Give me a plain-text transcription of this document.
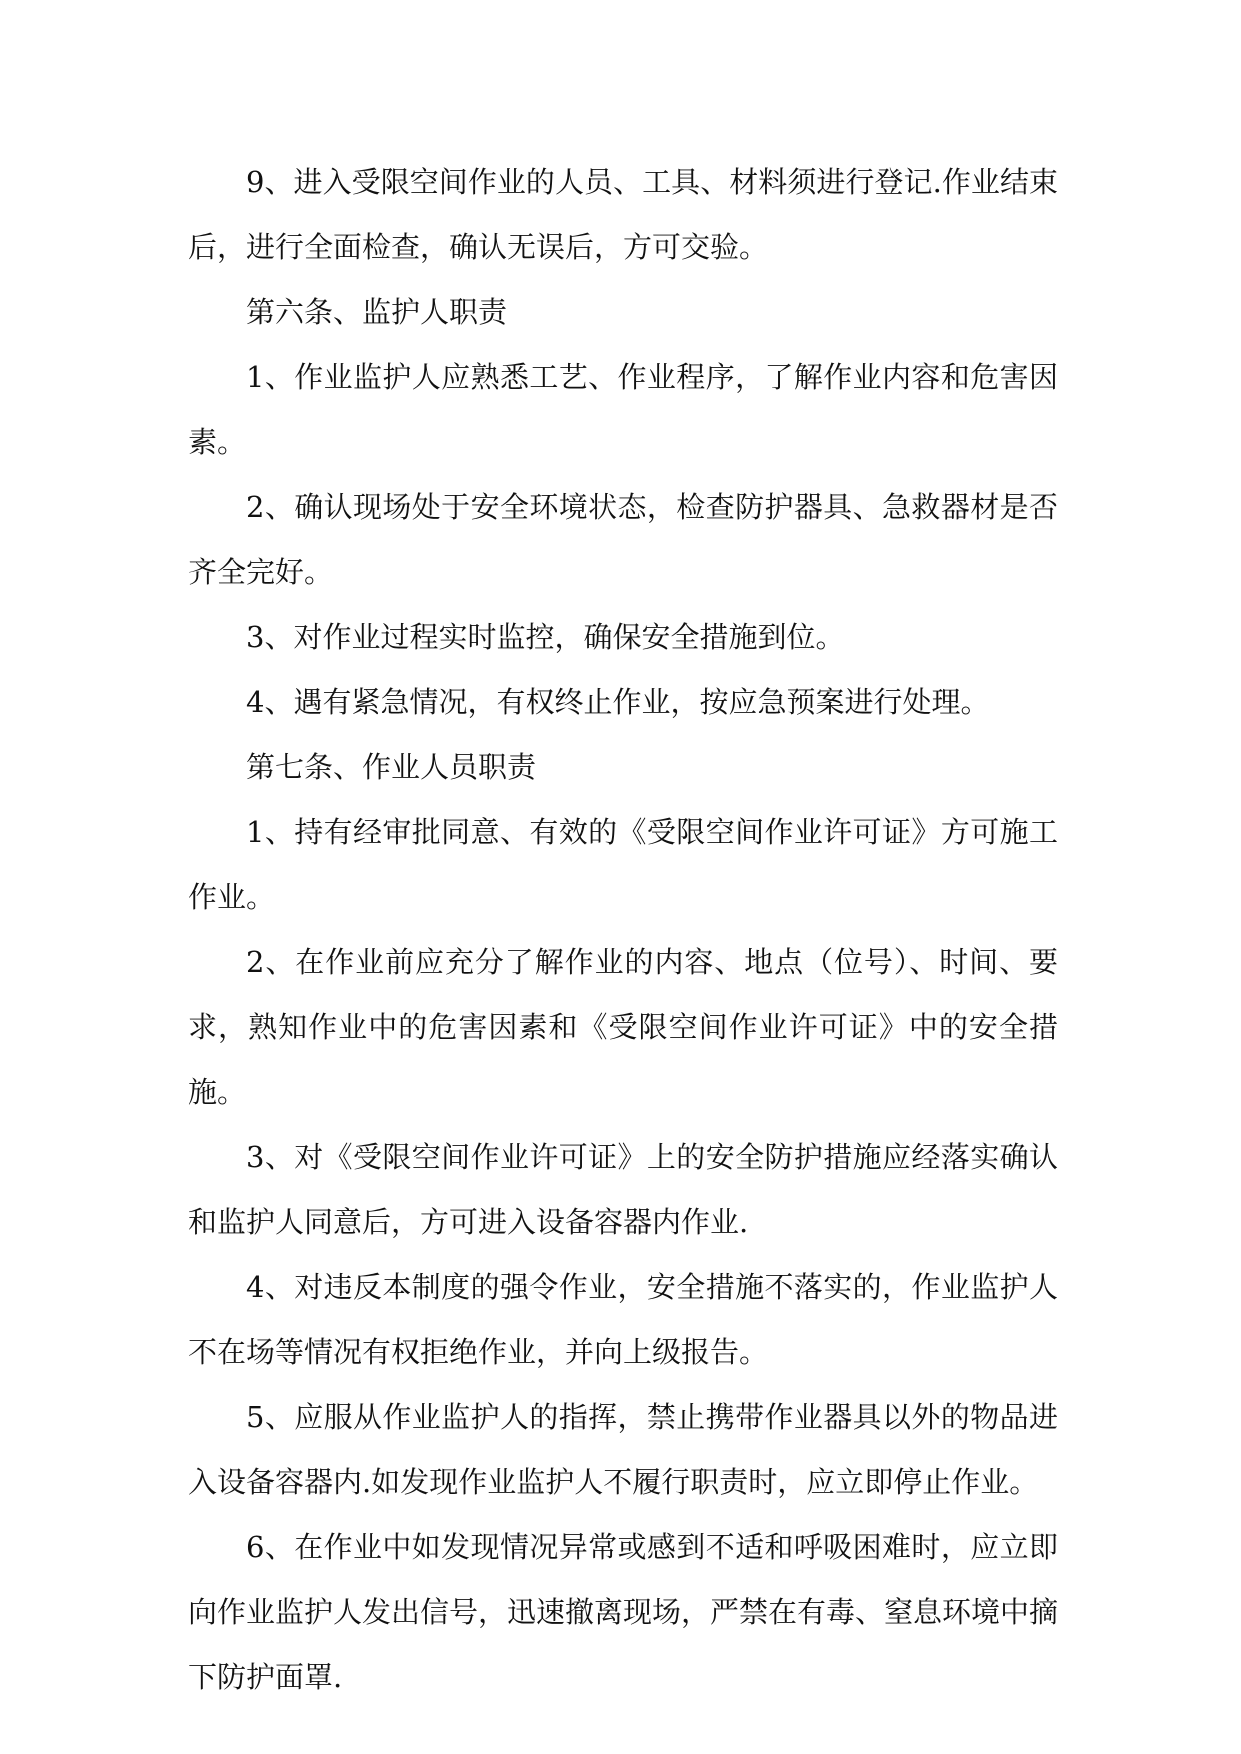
9、进入受限空间作业的人员、工具、材料须进行登记.作业结束后，进行全面检查，确认无误后，方可交验。

第六条、监护人职责

1、作业监护人应熟悉工艺、作业程序，了解作业内容和危害因素。

2、确认现场处于安全环境状态，检查防护器具、急救器材是否齐全完好。

3、对作业过程实时监控，确保安全措施到位。

4、遇有紧急情况，有权终止作业，按应急预案进行处理。

第七条、作业人员职责

1、持有经审批同意、有效的《受限空间作业许可证》方可施工作业。

2、在作业前应充分了解作业的内容、地点（位号）、时间、要求，熟知作业中的危害因素和《受限空间作业许可证》中的安全措施。

3、对《受限空间作业许可证》上的安全防护措施应经落实确认和监护人同意后，方可进入设备容器内作业.

4、对违反本制度的强令作业，安全措施不落实的，作业监护人不在场等情况有权拒绝作业，并向上级报告。

5、应服从作业监护人的指挥，禁止携带作业器具以外的物品进入设备容器内.如发现作业监护人不履行职责时，应立即停止作业。

6、在作业中如发现情况异常或感到不适和呼吸困难时，应立即向作业监护人发出信号，迅速撤离现场，严禁在有毒、窒息环境中摘下防护面罩.
